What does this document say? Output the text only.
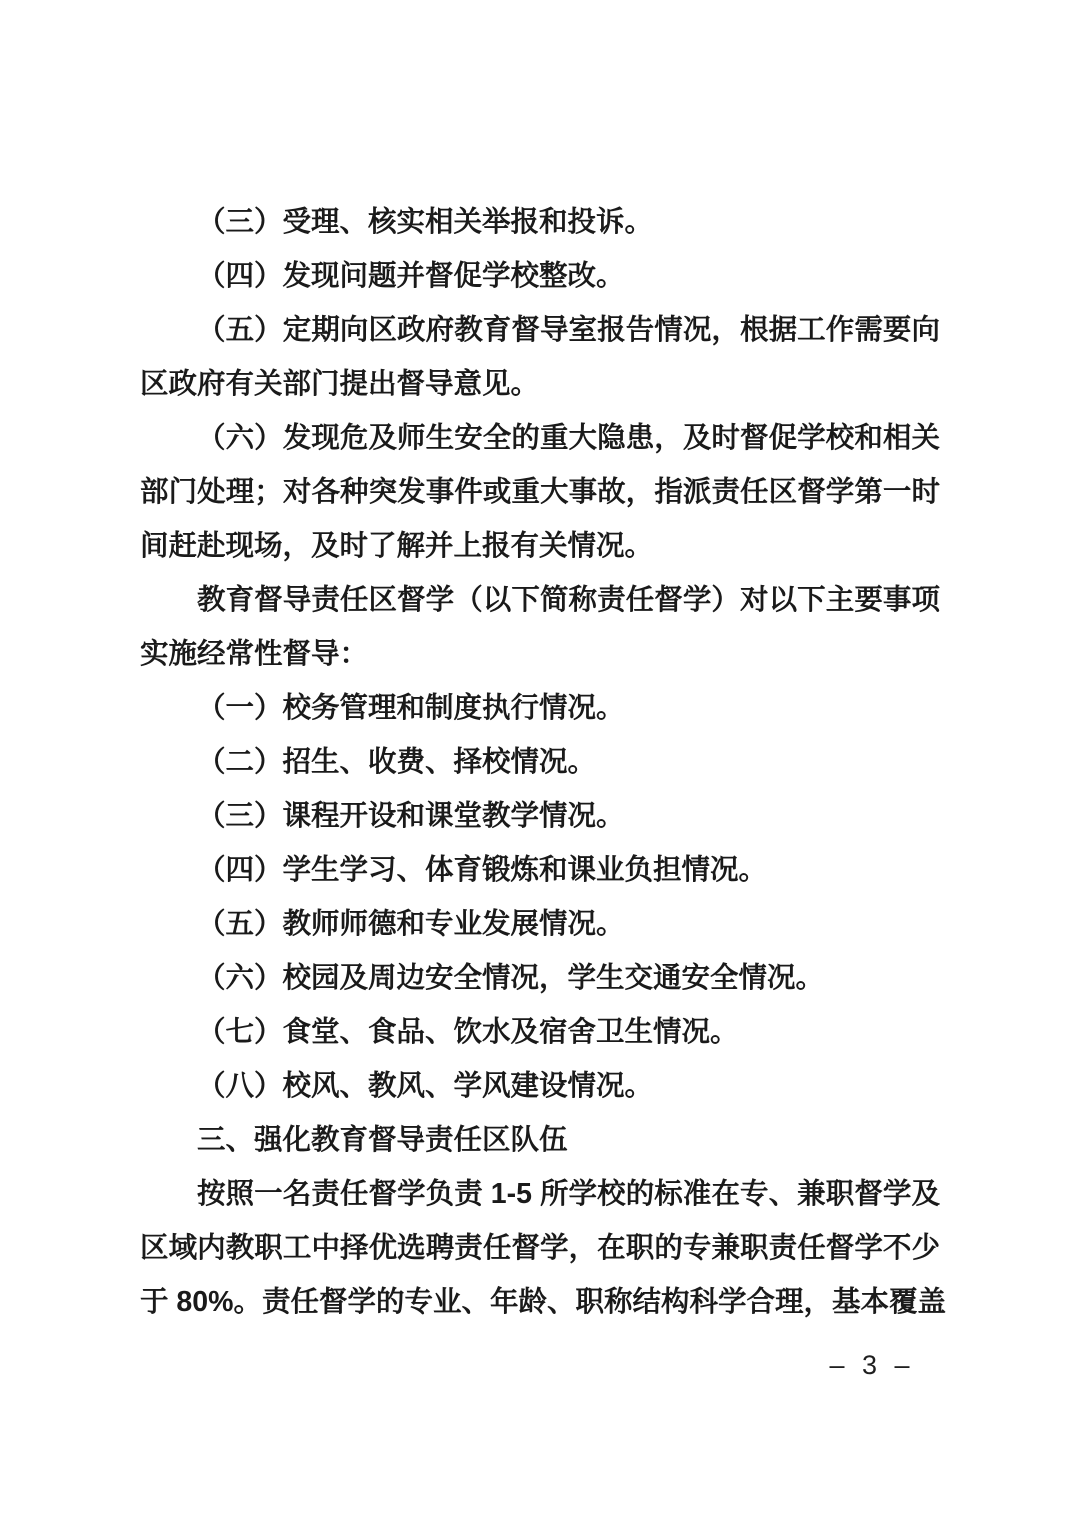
（三）受理、核实相关举报和投诉。
（四）发现问题并督促学校整改。
（五）定期向区政府教育督导室报告情况，根据工作需要向
区政府有关部门提出督导意见。
（六）发现危及师生安全的重大隐患，及时督促学校和相关
部门处理；对各种突发事件或重大事故，指派责任区督学第一时
间赶赴现场，及时了解并上报有关情况。
教育督导责任区督学（以下简称责任督学）对以下主要事项
实施经常性督导：
（一）校务管理和制度执行情况。
（二）招生、收费、择校情况。
（三）课程开设和课堂教学情况。
（四）学生学习、体育锻炼和课业负担情况。
（五）教师师德和专业发展情况。
（六）校园及周边安全情况，学生交通安全情况。
（七）食堂、食品、饮水及宿舍卫生情况。
（八）校风、教风、学风建设情况。
三、强化教育督导责任区队伍
按照一名责任督学负责 1-5 所学校的标准在专、兼职督学及
区域内教职工中择优选聘责任督学，在职的专兼职责任督学不少
于 80%。责任督学的专业、年龄、职称结构科学合理，基本覆盖
– 3 –
